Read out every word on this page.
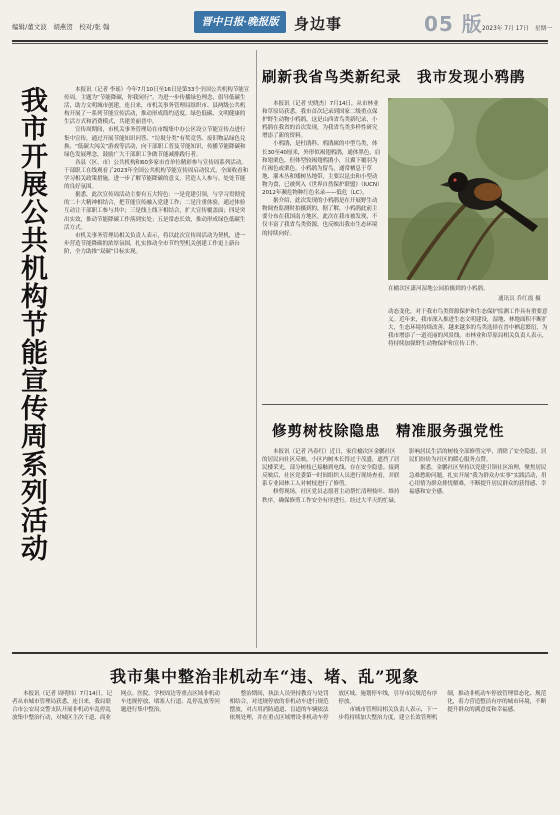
编辑/董文波　胡燕贺　校对/张 翰	晋中日报·晚报版	身边事	05 版 2023年 7月 17日　星期一
我市开展公共机构节能宣传周系列活动	本报讯（记者 李瑶）今年7月10日至16日是第33个全国公共机构节能宣传周，主题为“节能降碳，你我同行”。为进一步传播绿色理念，倡导低碳生活，助力文明城市创建，连日来，市机关事务管理局组织市、县两级公共机构开展了一系列节能宣传活动，推动形成简约适度、绿色低碳、文明健康的生活方式和消费模式，共建美丽晋中。

宣传周期间，市机关事务管理局在市级集中办公区设立节能宣传点进行集中宣传，通过开展节能知识问答、“垃圾分类”有奖竞答、废旧物品绿色兑换、“低碳大闯关”游戏等活动，向干部职工普及节能知识，传播节能降碳和绿色发展理念，鼓励广大干部职工争做节能减排践行者。

各县（区、市）公共机构和60多家市直单位精彩参与宣传周系列活动。干部职工在线观看了2023年全国公共机构节能宣传周启动仪式，全面收看和学习相关政策措施，进一步了解节能降碳的意义，营造人人参与、处处节能的良好氛围。

据悉，此次宣传周活动主要有五大特色：一是党建引领，与学习贯彻党的二十大精神相结合，把节能宣传融入党建工作；二是注重体验，通过体验互动让干部职工参与其中；三是线上线下相结合，扩大宣传覆盖面；四是突出实效，推动节能降碳工作落到实处；五是常态长效，推动形成绿色低碳生活方式。

市机关事务管理局相关负责人表示，将以此次宣传周活动为契机，进一步营造节能降碳的浓厚氛围，扎实推动全市节约型机关创建工作更上新台阶，全力助推“双碳”目标实现。

刷新我省鸟类新纪录　我市发现小鸦鹃

本报讯（记者 史晓杰）7月14日，从市林业和草原局获悉，我市首次记录到国家二级重点保护野生动物小鸦鹃，这是山西省鸟类新纪录，小鸦鹃在我省的首次发现，为我省鸟类多样性研究增添了新的资料。

小鸦鹃，是杜鹃科、鸦鹃属的中型鸟类，体长30至40厘米，外形似褐翅鸦鹃，通体黑色，肩和翅栗色，但体型较褐翅鸦鹃小，且翼下覆羽为红褐色或栗色。小鸦鹃为留鸟，通常栖息于草地、灌木丛和矮树丛地带，主要以昆虫和小型动物为食，已被列入《世界自然保护联盟》（IUCN）2012年濒危物种红色名录——低危（LC）。

据介绍，此次发现的小鸦鹃是在开展野生动物调查监测时拍摄到的，据了解，小鸦鹃此前主要分布在我国南方地区，此次在我市被发现，不仅丰富了我省鸟类资源，也反映出我市生态环境的持续向好。

在榆次区潇河湿地公园拍摄到的小鸦鹃。
通讯员 乔红霞 摄

动态变化，对于我市鸟类资源保护和生态保护监测工作具有重要意义。近年来，我市深入推进生态文明建设，湿地、林地面积不断扩大，生态环境持续改善，越来越多的鸟类选择在晋中栖息繁衍，为我市增添了一道亮丽的风景线。市林业和草原局相关负责人表示，将持续加强野生动物保护和宣传工作。

修剪树枝除隐患　精准服务强党性

本报讯（记者 冯春红）近日，家住榆次区金鹏社区的居民向社区反映，小区内树木长得过于茂盛，遮挡了居民楼采光，部分树枝已接触到电线，存在安全隐患。接到反映后，社区党委第一时间组织人员进行现场查看，并联系专业园林工人对树枝进行了修剪。

修剪现场，社区党员志愿者主动帮忙清理枝叶、维持秩序，确保修剪工作安全有序进行。经过大半天的忙碌，影响居民生活的树枝全部修剪完毕，消除了安全隐患，居民们纷纷为社区的暖心服务点赞。

据悉，金鹏社区坚持以党建引领社区治理，聚焦居民急难愁盼问题，扎实开展“我为群众办实事”实践活动，用心用情为群众排忧解难，不断提升居民群众的获得感、幸福感和安全感。

我市集中整治非机动车“违、堵、乱”现象

本报讯（记者 周明炜）7月14日，记者从市城市管理局获悉，连日来，我局联合市公安局交警支队开展非机动车乱停乱放集中整治行动，对城区主次干道、商业网点、医院、学校周边等重点区域非机动车违规停放、堵塞人行道、乱停乱放等问题进行集中整治。

整治期间，执法人员坚持教育与处罚相结合，对违规停放的非机动车进行规范摆放，对占用消防通道、盲道的车辆依法依规处理，并在重点区域增设非机动车停放区域、施划停车线，引导市民规范有序停放。

市城市管理局相关负责人表示，下一步将持续加大整治力度，建立长效管理机制，推动非机动车停放管理常态化、规范化，着力营造整洁有序的城市环境，不断提升群众的满意度和幸福感。
